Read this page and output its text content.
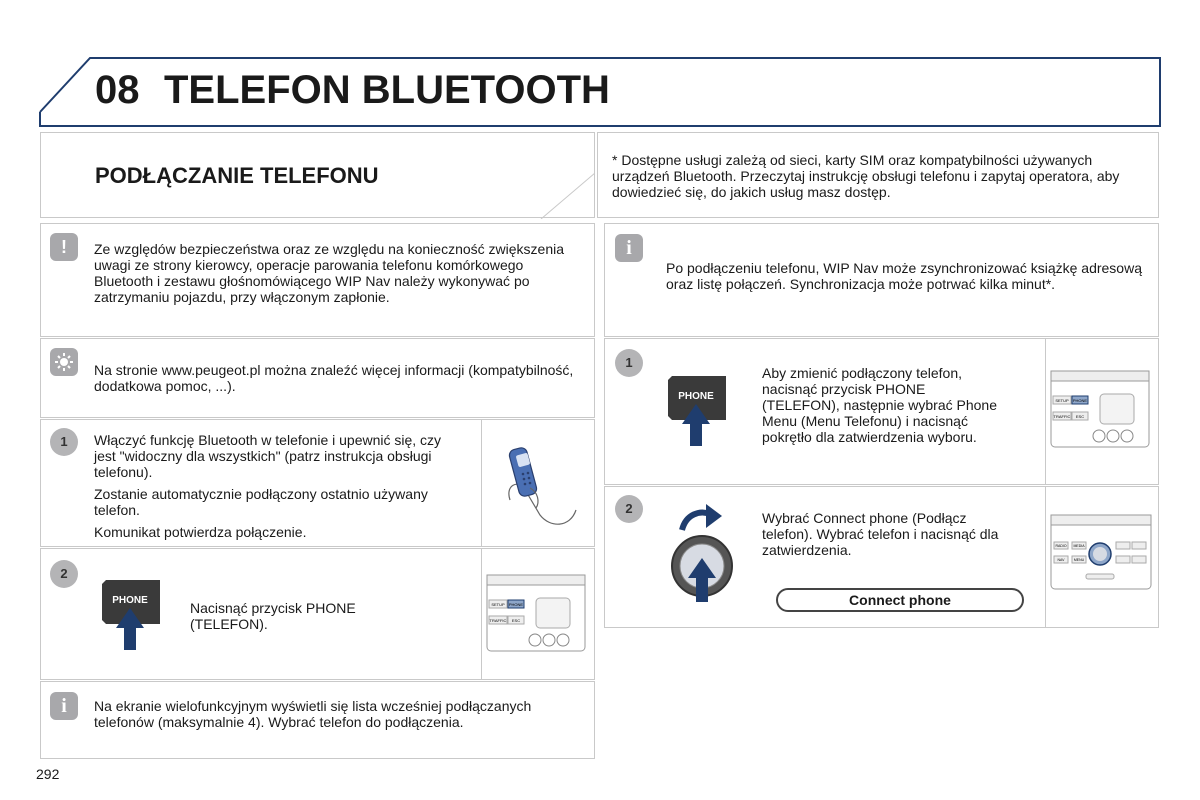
08 TELEFON BLUETOOTH
PODŁĄCZANIE TELEFONU
* Dostępne usługi zależą od sieci, karty SIM oraz kompatybilności używanych urządzeń Bluetooth. Przeczytaj instrukcję obsługi telefonu i zapytaj operatora, aby dowiedzieć się, do jakich usług masz dostęp.
!	Ze względów bezpieczeństwa oraz ze względu na konieczność zwiększenia uwagi ze strony kierowcy, operacje parowania telefonu komórkowego Bluetooth i zestawu głośnomówiącego WIP Nav należy wykonywać po zatrzymaniu pojazdu, przy włączonym zapłonie.
Na stronie www.peugeot.pl można znaleźć więcej informacji (kompatybilność, dodatkowa pomoc, ...).
1	Włączyć funkcję Bluetooth w telefonie i upewnić się, czy jest "widoczny dla wszystkich" (patrz instrukcja obsługi telefonu).

Zostanie automatycznie podłączony ostatnio używany telefon.

Komunikat potwierdza połączenie.

2
PHONE	Nacisnąć przycisk PHONE (TELEFON).
SETUP PHONE
TRAFFIC ESC
i	Na ekranie wielofunkcyjnym wyświetli się lista wcześniej podłączanych telefonów (maksymalnie 4). Wybrać telefon do podłączenia.
i
Po podłączeniu telefonu, WIP Nav może zsynchronizować książkę adresową oraz listę połączeń. Synchronizacja może potrwać kilka minut*.
1
PHONE
Aby zmienić podłączony telefon, nacisnąć przycisk PHONE (TELEFON), następnie wybrać Phone Menu (Menu Telefonu) i nacisnąć pokrętło dla zatwierdzenia wyboru.
SETUP PHONE
TRAFFIC ESC
2
Wybrać Connect phone (Podłącz telefon). Wybrać telefon i nacisnąć dla zatwierdzenia.
Connect phone
RADIO
NAV
MEDIA
MENU
292
